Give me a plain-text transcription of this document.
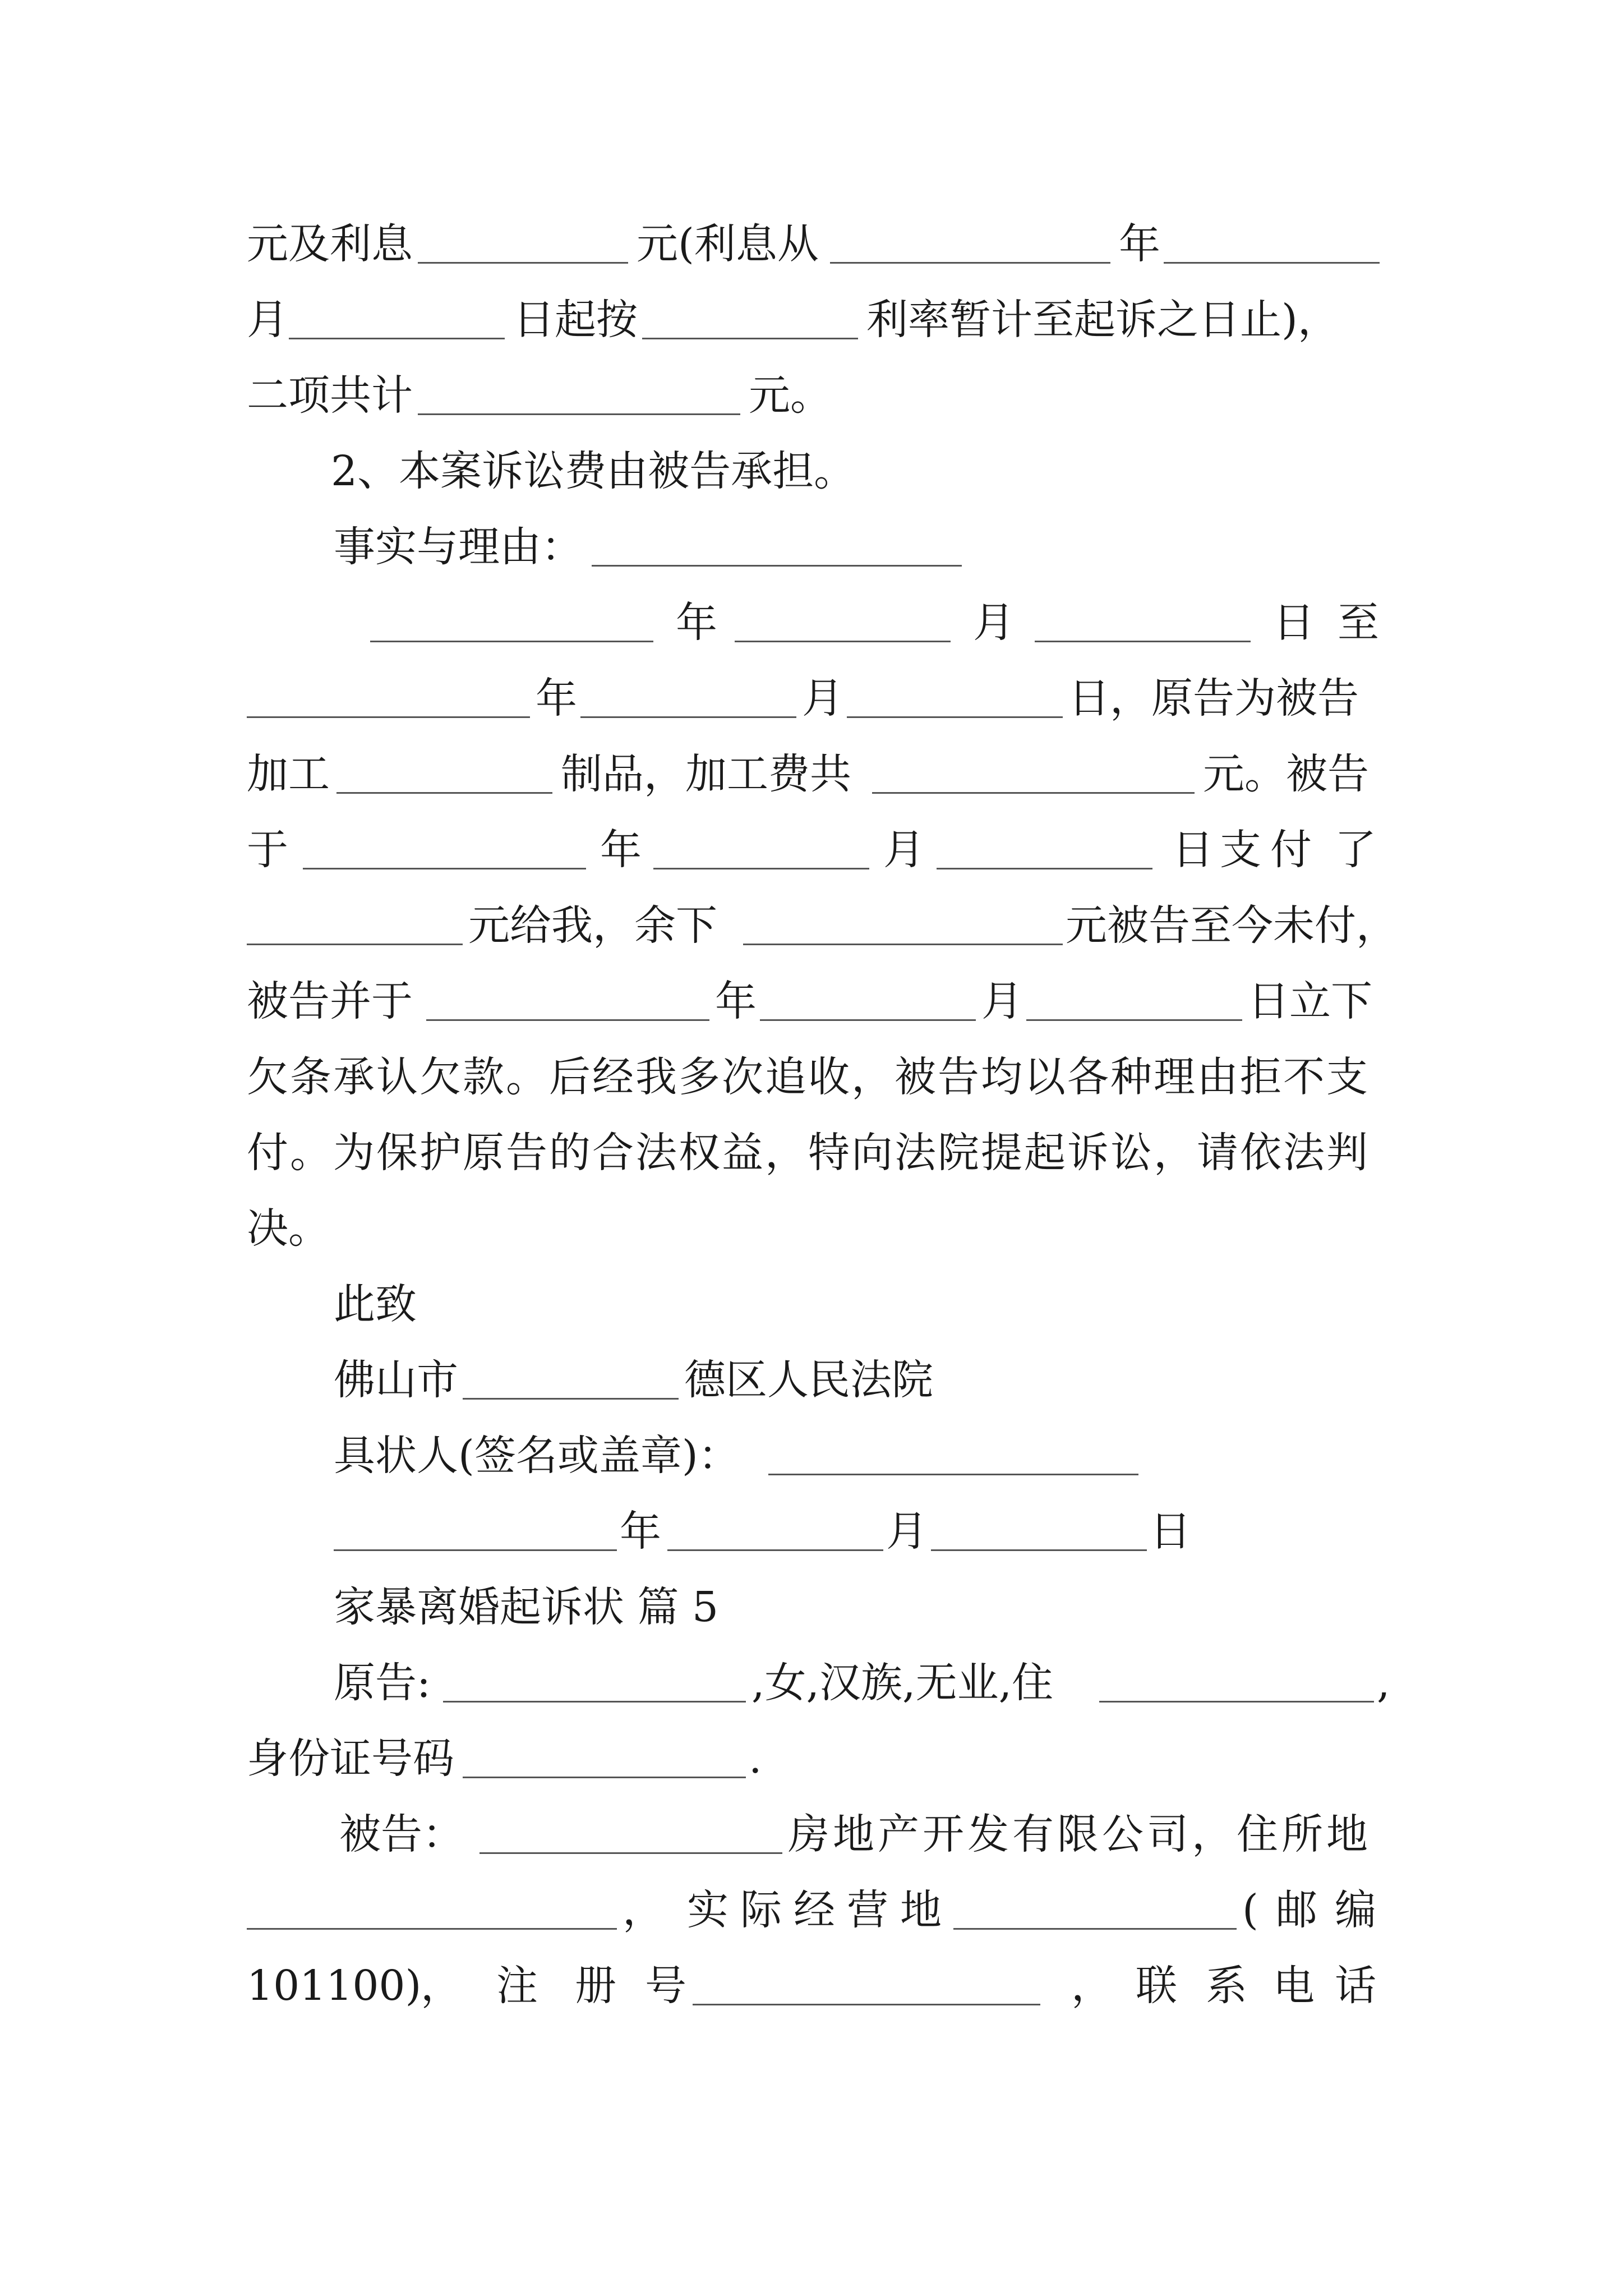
元及利息	元(利息从	年
月	日起按	利率暂计至起诉之日止)，
二项共计	元。
2、本案诉讼费由被告承担。
事实与理由：
年	月	日 至
年	月	日，原告为被告
加工	制品，加工费共	元。被告
于	年	月	日 支 付 了
元给我，余下	元被告至今未付，
被告并于	年	月	日立下
欠条承认欠款。后经我多次追收，被告均以各种理由拒不支
付。为保护原告的合法权益，特向法院提起诉讼，请依法判
决。
此致
佛山市	德区人民法院
具状人(签名或盖章)：
年	月	日
家暴离婚起诉状 篇 5
原告:	,女,汉族,无业,住	,
身份证号码	.
被告：	房地产开发有限公司，住所地
， 实 际 经 营 地	( 邮 编
101100)
， 注 册 号	， 联 系 电 话
